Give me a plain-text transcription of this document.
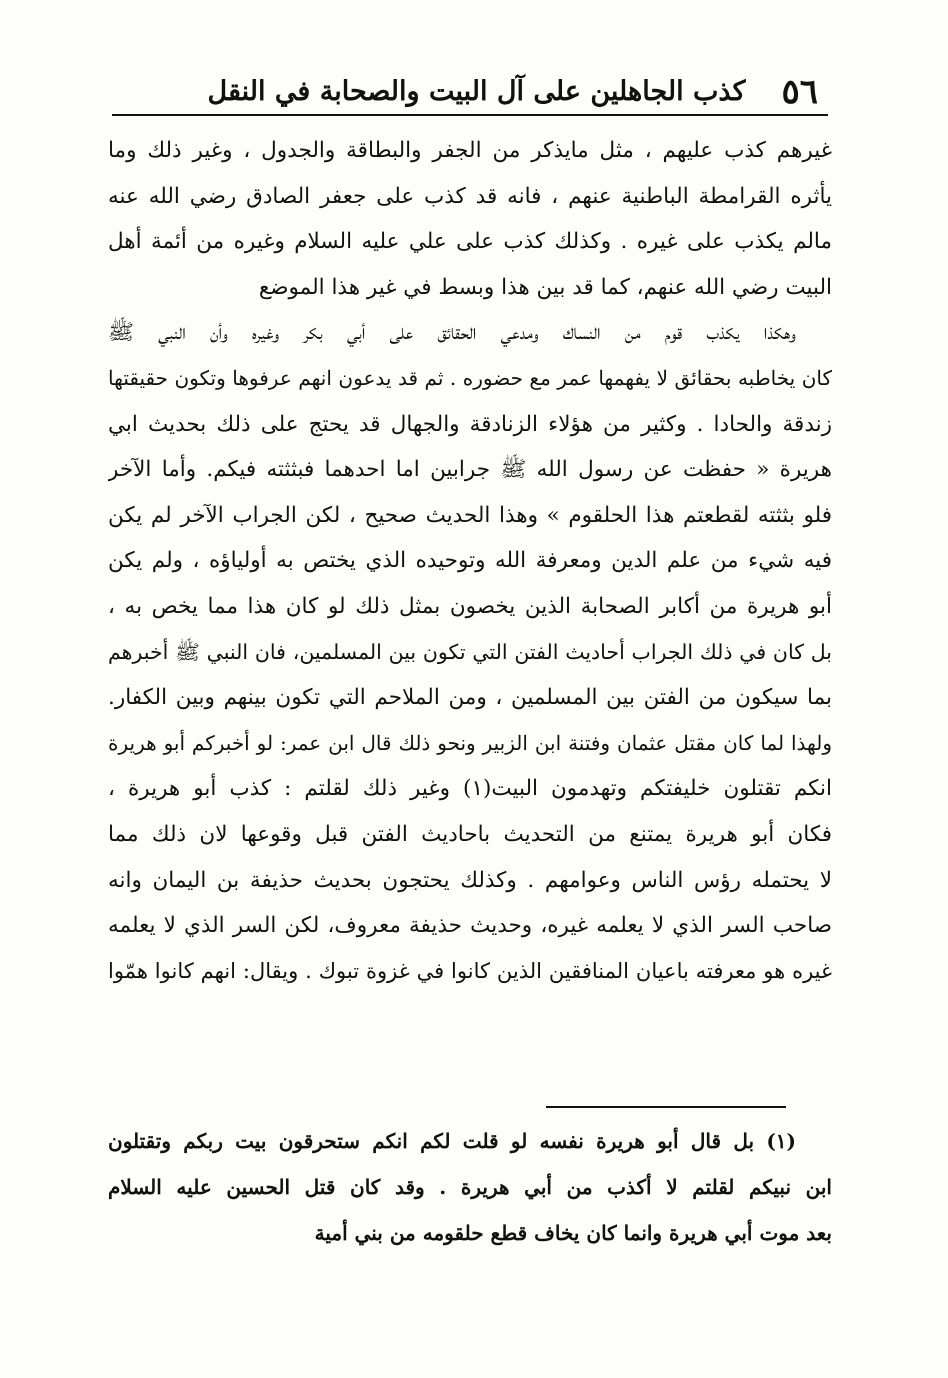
٥٦
كذب الجاهلين على آل البيت والصحابة في النقل
غيرهم كذب عليهم ، مثل مايذكر من الجفر والبطاقة والجدول ، وغير ذلك وما
يأثره القرامطة الباطنية عنهم ، فانه قد كذب على جعفر الصادق رضي الله عنه
مالم يكذب على غيره . وكذلك كذب على علي عليه السلام وغيره من أئمة أهل
البيت رضي الله عنهم، كما قد بين هذا وبسط في غير هذا الموضع
وهكذا يكذب قوم من النساك ومدعي الحقائق على أبي بكر وغيره وأن النبي ﷺ
كان يخاطبه بحقائق لا يفهمها عمر مع حضوره . ثم قد يدعون انهم عرفوها وتكون حقيقتها
زندقة والحادا . وكثير من هؤلاء الزنادقة والجهال قد يحتج على ذلك بحديث ابي
هريرة « حفظت عن رسول الله ﷺ جرابين اما احدهما فبثثته فيكم. وأما الآخر
فلو بثثته لقطعتم هذا الحلقوم » وهذا الحديث صحيح ، لكن الجراب الآخر لم يكن
فيه شيء من علم الدين ومعرفة الله وتوحيده الذي يختص به أولياؤه ، ولم يكن
أبو هريرة من أكابر الصحابة الذين يخصون بمثل ذلك لو كان هذا مما يخص به ،
بل كان في ذلك الجراب أحاديث الفتن التي تكون بين المسلمين، فان النبي ﷺ أخبرهم
بما سيكون من الفتن بين المسلمين ، ومن الملاحم التي تكون بينهم وبين الكفار.
ولهذا لما كان مقتل عثمان وفتنة ابن الزبير ونحو ذلك قال ابن عمر: لو أخبركم أبو هريرة
انكم تقتلون خليفتكم وتهدمون البيت(١) وغير ذلك لقلتم : كذب أبو هريرة ،
فكان أبو هريرة يمتنع من التحديث باحاديث الفتن قبل وقوعها لان ذلك مما
لا يحتمله رؤس الناس وعوامهم . وكذلك يحتجون بحديث حذيفة بن اليمان وانه
صاحب السر الذي لا يعلمه غيره، وحديث حذيفة معروف، لكن السر الذي لا يعلمه
غيره هو معرفته باعيان المنافقين الذين كانوا في غزوة تبوك . ويقال: انهم كانوا همّوا
(١) بل قال أبو هريرة نفسه لو قلت لكم انكم ستحرقون بيت ربكم وتقتلون
ابن نبيكم لقلتم لا أكذب من أبي هريرة . وقد كان قتل الحسين عليه السلام
بعد موت أبي هريرة وانما كان يخاف قطع حلقومه من بني أمية
